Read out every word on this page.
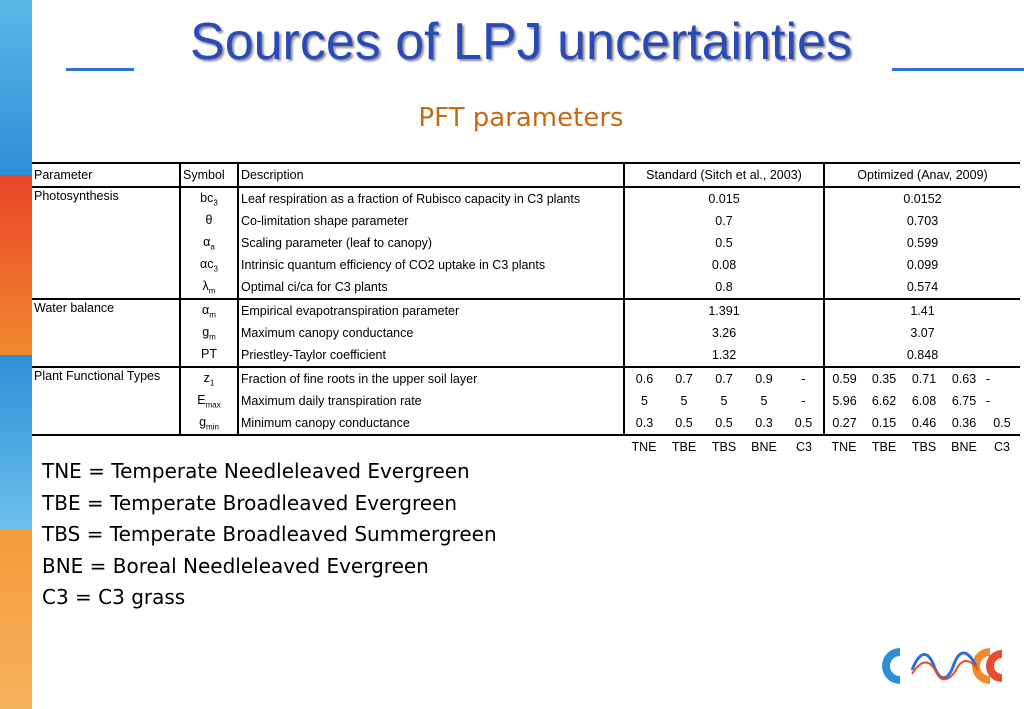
Sources of LPJ uncertainties
PFT parameters
Parameter	Symbol	Description	Standard (Sitch et al., 2003)					Optimized (Anav, 2009)				
Photosynthesis	$bc_3$	Leaf respiration as a fraction of Rubisco capacity in C3 plants	0.015					0.0152				
	θ	Co-limitation shape parameter	0.7					0.703				
	$\alpha_a$	Scaling parameter (leaf to canopy)	0.5					0.599				
	$\alpha c_3$	Intrinsic quantum efficiency of CO2 uptake in C3 plants	0.08					0.099				
	$\lambda_m$	Optimal ci/ca for C3 plants	0.8					0.574				
Water balance	$\alpha_m$	Empirical evapotranspiration parameter	1.391					1.41				
	$g_m$	Maximum canopy conductance	3.26					3.07				
	PT	Priestley-Taylor coefficient	1.32					0.848				
Plant Functional Types	$z_1$	Fraction of fine roots in the upper soil layer	0.6	0.7	0.7	0.9	-	0.59	0.35	0.71	0.63	-
	$E_{max}$	Maximum daily transpiration rate	5	5	5	5	-	5.96	6.62	6.08	6.75	-
	$g_{min}$	Minimum canopy conductance	0.3	0.5	0.5	0.3	0.5	0.27	0.15	0.46	0.36	0.5
			TNE	TBE	TBS	BNE	C3	TNE	TBE	TBS	BNE	C3
TNE = Temperate Needleleaved Evergreen
TBE = Temperate Broadleaved Evergreen
TBS = Temperate Broadleaved Summergreen
BNE = Boreal Needleleaved Evergreen
C3 = C3 grass
